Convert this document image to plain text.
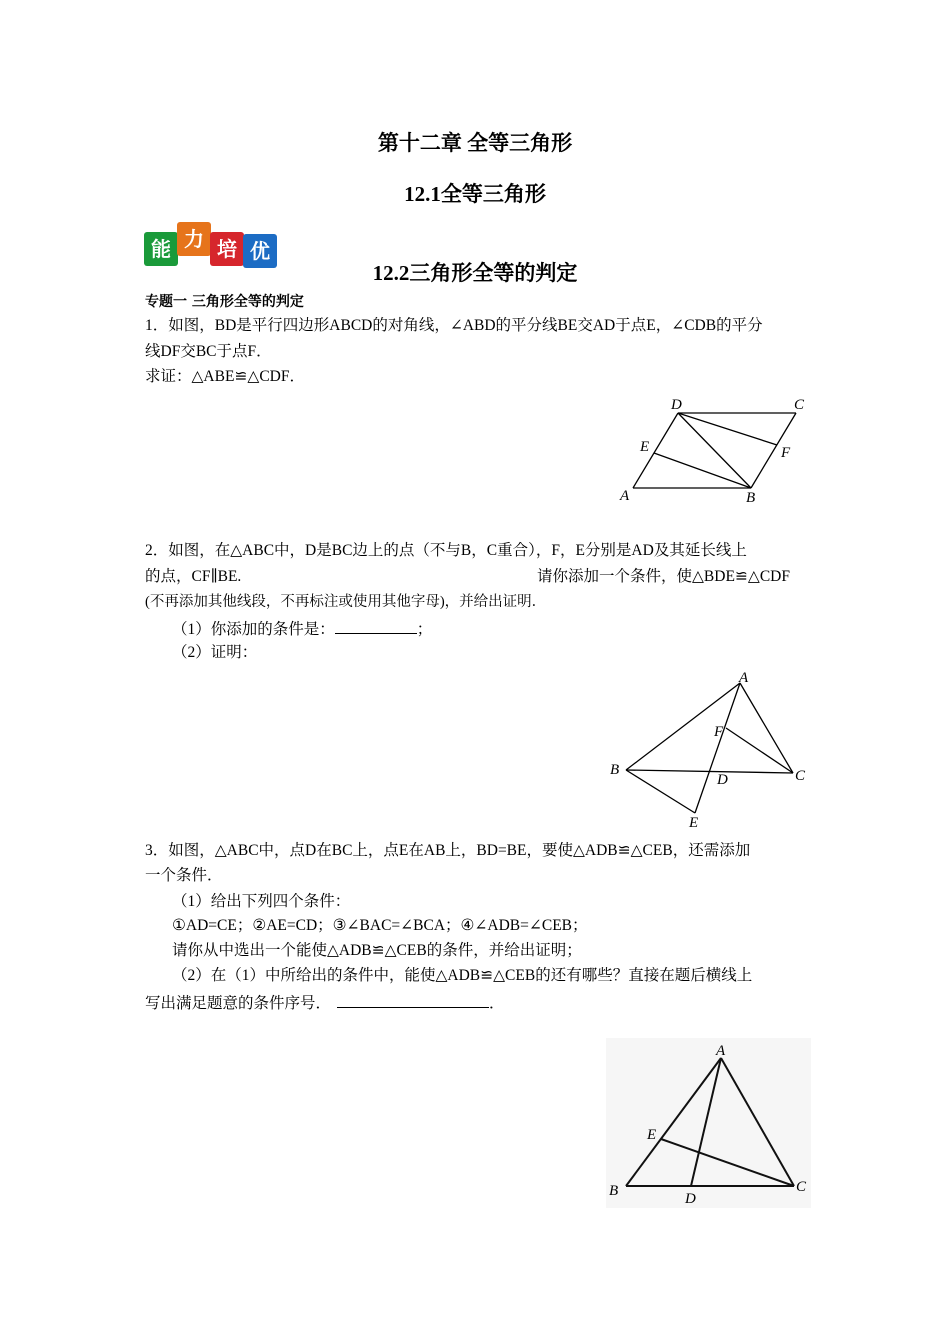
第十二章 全等三角形
12.1全等三角形
能 力 培 优
12.2三角形全等的判定
专题一 三角形全等的判定
1．如图，BD是平行四边形ABCD的对角线，∠ABD的平分线BE交AD于点E，∠CDB的平分
线DF交BC于点F．
求证：△ABE≌△CDF．
A	B
C
D
E	F
2．如图，在△ABC中，D是BC边上的点（不与B，C重合），F，E分别是AD及其延长线上
的点，CF∥BE.	请你添加一个条件，使△BDE≌△CDF
(不再添加其他线段，不再标注或使用其他字母)，并给出证明．
（1）你添加的条件是：	；
（2）证明：
A
B	C
D
E
F
3．如图，△ABC中，点D在BC上，点E在AB上，BD=BE，要使△ADB≌△CEB，还需添加
一个条件．
（1）给出下列四个条件：
①AD=CE；②AE=CD；③∠BAC=∠BCA；④∠ADB=∠CEB；
请你从中选出一个能使△ADB≌△CEB的条件，并给出证明；
（2）在（1）中所给出的条件中，能使△ADB≌△CEB的还有哪些？直接在题后横线上
写出满足题意的条件序号．	．
A
B	C
D
E
